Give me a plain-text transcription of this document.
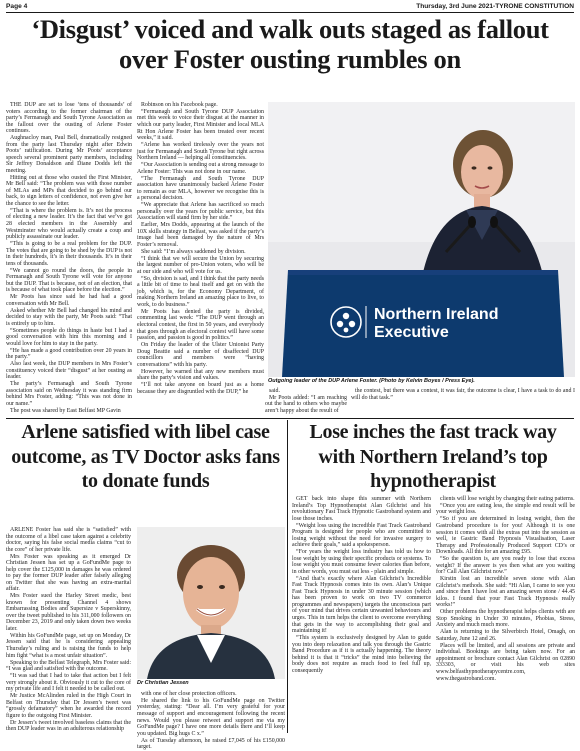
Page 4	Thursday, 3rd June 2021-TYRONE CONSTITUTION
‘Disgust’ voiced and walk outs staged as fallout over Foster ousting rumbles on

THE DUP are set to lose ‘tens of thousands’ of voters according to the former chairman of the party’s Fermanagh and South Tyrone Association as the fallout over the ousting of Arlene Foster continues.

Aughnacloy man, Paul Bell, dramatically resigned from the party last Thursday night after Edwin Poots’ ratification. During Mr Poots’ acceptance speech several prominent party members, including Sir Jeffrey Donaldson and Diane Dodds left the meeting.

Hitting out at those who ousted the First Minister, Mr Bell said: “The problem was with those number of MLAs and MPs that decided to go behind our back, to sign letters of confidence, not even give her the chance to see the letter.

“That is where the problem is. It’s not the process of electing a new leader. It’s the fact that we’ve got 28 elected members in the Assembly and Westminster who would actually create a coup and publicly assassinate our leader.

“This is going to be a real problem for the DUP. The votes that are going to be shed by the DUP is not in their hundreds, it’s in their thousands. It’s in their tens of thousands.

“We cannot go round the doors, the people in Fermanagh and South Tyrone will vote for anyone but the DUP. That is because, not of an election, that is because of what took place before the election.”

Mr Poots has since said he had had a good conversation with Mr Bell.

Asked whether Mr Bell had changed his mind and decided to stay with the party, Mr Poots said: “That is entirely up to him.

“Sometimes people do things in haste but I had a good conversation with him this morning and I would love for him to stay in the party.

“He has made a good contribution over 20 years in the party.”

Also last week, the DUP members in Mrs Foster’s constituency voiced their “disgust” at her ousting as leader.

The party’s Fermanagh and South Tyrone association said on Wednesday it was standing firm behind Mrs Foster, adding: “This was not done in our name.”

The post was shared by East Belfast MP Gavin

Robinson on his Facebook page.

“Fermanagh and South Tyrone DUP Association met this week to voice their disgust at the manner in which our party leader, First Minister and local MLA Rt Hon Arlene Foster has been treated over recent weeks,” it said.

“Arlene has worked tirelessly over the years not just for Fermanagh and South Tyrone but right across Northern Ireland — helping all constituencies.

“Our Association is sending out a strong message to Arlene Foster: This was not done in our name.

“The Fermanagh and South Tyrone DUP association have unanimously backed Arlene Foster to remain as our MLA, however we recognise this is a personal decision.

“We appreciate that Arlene has sacrificed so much personally over the years for public service, but this Association will stand firm by her side.”

Earlier, Mrs Dodds, appearing at the launch of the 10X skills strategy in Belfast, was asked if the party’s image had been damaged by the nature of Mrs Foster’s removal.

She said: “I’m always saddened by division.

“I think that we will secure the Union by securing the largest number of pro-Union voters, who will be at our side and who will vote for us.

“So, division is sad, and I think that the party needs a little bit of time to heal itself and get on with the job, which is, for the Economy Department, of making Northern Ireland an amazing place to live, to work, to do business.”

Mr Poots has denied the party is divided, commenting last week: “The DUP went through an electoral contest, the first in 50 years, and everybody that goes through an electoral contest will have some passion, and passion is good in politics.”

On Friday the leader of the Ulster Unionist Party Doug Beattie said a number of disaffected DUP councillors and members were “having conversations” with his party.

However, he warned that any new members must share the party’s vision and values.

“I’ll not take anyone on board just as a home because they are disgruntled with the DUP,” he

Northern Ireland
Executive
Outgoing leader of the DUP Arlene Foster. (Photo by Kelvin Boyes / Press Eye).

said.

Mr Poots added: “I am reaching out the hand to others who maybe aren’t happy about the result of

the contest, but there was a contest, it was fair, the outcome is clear, I have a task to do and I will do that task.”

Arlene satisfied with libel case outcome, as TV Doctor asks fans to donate funds
Lose inches the fast track way with Northern Ireland’s top hypnotherapist

ARLENE Foster has said she is “satisfied” with the outcome of a libel case taken against a celebrity doctor, saying his false social media claims “cut to the core” of her private life.

Mrs Foster was speaking as it emerged Dr Christian Jessen has set up a GoFundMe page to help cover the £125,000 in damages he was ordered to pay the former DUP leader after falsely alleging on Twitter that she was having an extra-marital affair.

Mrs Foster sued the Harley Street medic, best known for presenting Channel 4 shows Embarrassing Bodies and Supersize v Superskinny, over the tweet published to his 311,000 followers on December 23, 2019 and only taken down two weeks later.

Within his GoFundMe page, set up on Monday, Dr Jessen said that he is considering appealing Thursday’s ruling and is raising the funds to help him fight “what is a most unfair situation”.

Speaking to the Belfast Telegraph, Mrs Foster said: “I was glad and satisfied with the outcome.

“It was sad that I had to take that action but I felt very strongly about it. Obviously it cut to the core of my private life and I felt it needed to be called out.

Mr Justice McAlinden ruled in the High Court in Belfast on Thursday that Dr Jessen’s tweet was “grossly defamatory” when he awarded the record figure to the outgoing First Minister.

Dr Jessen’s tweet involved baseless claims that the then DUP leader was in an adulterous relationship

Dr Christian Jessen

with one of her close protection officers.

He shared the link to his GoFundMe page on Twitter yesterday, stating: “Dear all. I’m very grateful for your message of support and encouragement following the recent news. Would you please retweet and support me via my GoFundMe page? I have one more details there and I’ll keep you updated. Big hugs C x.”

As of Tuesday afternoon, he raised £7,045 of his £150,000 target.

GET back into shape this summer with Northern Ireland’s Top Hypnotherapist Alan Gilchrist and his revolutionary Fast Track Hypnotic Gastroband system and lose those inches.

“Weight loss using the incredible Fast Track Gastroband Program is designed for people who are committed to losing weight without the need for invasive surgery to achieve their goals,” said a spokesperson.

“For years the weight loss industry has told us how to lose weight by using their specific products or systems. To lose weight you must consume fewer calories than before, in other words, you must eat less - plain and simple.

“And that’s exactly where Alan Gilchrist’s Incredible Fast Track Hypnosis comes into its own. Alan’s Unique Fast Track Hypnosis in under 30 minute session (which has been proven to work on two TV commerce programmes and newspapers) targets the unconscious part of your mind that drives certain unwanted behaviours and urges. This in turn helps the client to overcome everything that gets in the way to accomplishing their goal and maintaining it!

“This system is exclusively designed by Alan to guide you into deep relaxation and talk you through the Gastric Band Procedure as if it is actually happening. The theory behind it is that it “tricks” the mind into believing the body does not require as much food to feel full up, consequently

clients will lose weight by changing their eating patterns.

“Once you are eating less, the simple end result will be your weight loss.

“So if you are determined in losing weight, then the Gastroband procedure is for you! Although it is one session it comes with all the extras put into the session as well, ie Gastric Band Hypnosis Visualisation, Laser Therapy and Professionally Produced Support CD’s or Downloads. All this for an amazing £95.

“So the question is, are you ready to lose that excess weight? If the answer is yes then what are you waiting for? Call Alan Gilchrist now.”

Kirstin lost an incredible seven stone with Alan Gilchrist’s methods. She said: “Hi Alan, I came to see you and since then I have lost an amazing seven stone / 44.45 kilos. I found that your Fast Track Hypnosis really works!”

Other problems the hypnotherapist helps clients with are Stop Smoking in Under 30 minutes, Phobias, Stress, Anxiety and much much more.

Alan is returning to the Silverbirch Hotel, Omagh, on Saturday, June 12 and 26.

Places will be limited, and all sessions are private and individual. Bookings are being taken now. For an appointment or brochure contact Alan Gilchrist on 02890 333303, or visit his web sites www.belfasthypnotherapycentre.com, www.thegastroband.com.
